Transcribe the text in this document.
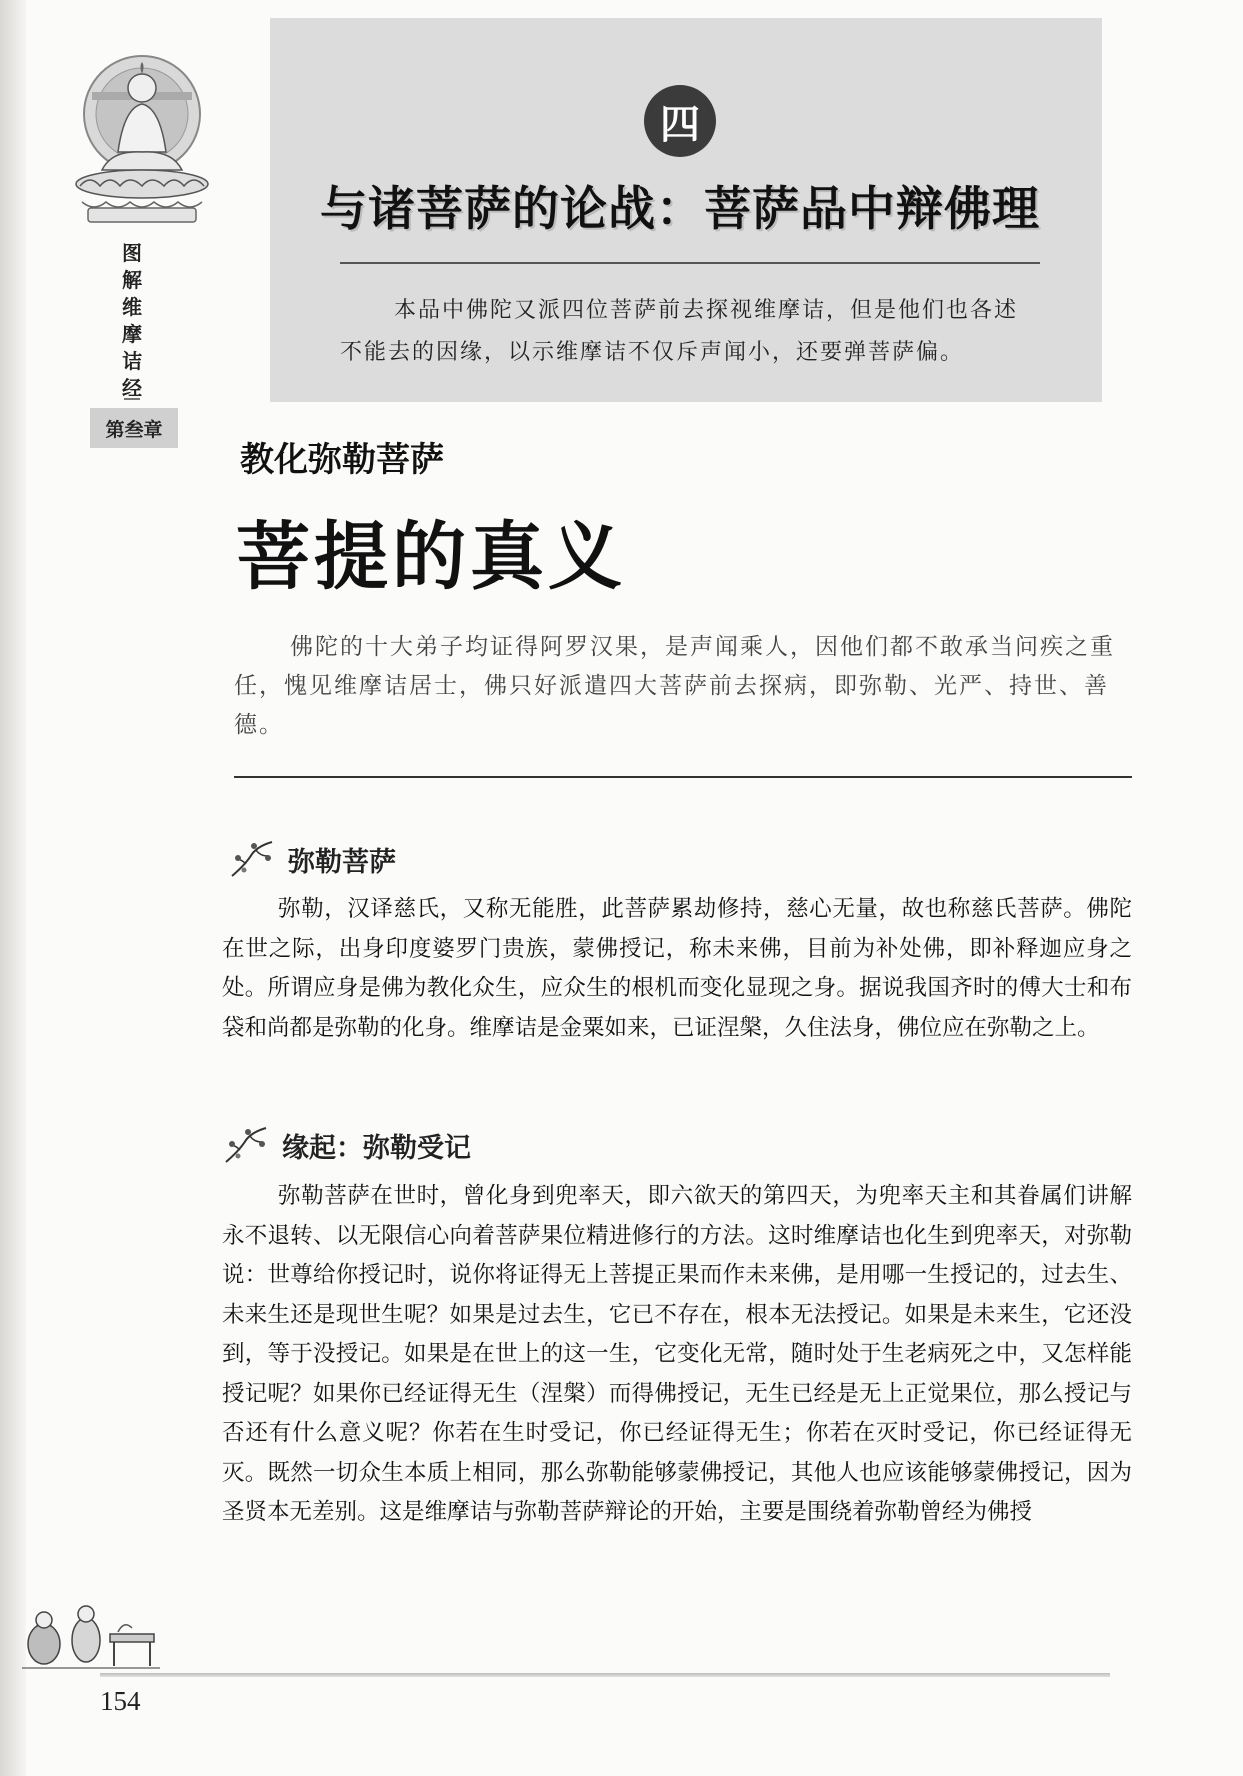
四
与诸菩萨的论战：菩萨品中辩佛理
本品中佛陀又派四位菩萨前去探视维摩诘，但是他们也各述不能去的因缘，以示维摩诘不仅斥声闻小，还要弹菩萨偏。
图解维摩诘经
第叁章
教化弥勒菩萨
菩提的真义
佛陀的十大弟子均证得阿罗汉果，是声闻乘人，因他们都不敢承当问疾之重任，愧见维摩诘居士，佛只好派遣四大菩萨前去探病，即弥勒、光严、持世、善德。
弥勒菩萨
弥勒，汉译慈氏，又称无能胜，此菩萨累劫修持，慈心无量，故也称慈氏菩萨。佛陀在世之际，出身印度婆罗门贵族，蒙佛授记，称未来佛，目前为补处佛，即补释迦应身之处。所谓应身是佛为教化众生，应众生的根机而变化显现之身。据说我国齐时的傅大士和布袋和尚都是弥勒的化身。维摩诘是金粟如来，已证涅槃，久住法身，佛位应在弥勒之上。
缘起：弥勒受记
弥勒菩萨在世时，曾化身到兜率天，即六欲天的第四天，为兜率天主和其眷属们讲解永不退转、以无限信心向着菩萨果位精进修行的方法。这时维摩诘也化生到兜率天，对弥勒说：世尊给你授记时，说你将证得无上菩提正果而作未来佛，是用哪一生授记的，过去生、未来生还是现世生呢？如果是过去生，它已不存在，根本无法授记。如果是未来生，它还没到，等于没授记。如果是在世上的这一生，它变化无常，随时处于生老病死之中，又怎样能授记呢？如果你已经证得无生（涅槃）而得佛授记，无生已经是无上正觉果位，那么授记与否还有什么意义呢？你若在生时受记，你已经证得无生；你若在灭时受记，你已经证得无灭。既然一切众生本质上相同，那么弥勒能够蒙佛授记，其他人也应该能够蒙佛授记，因为圣贤本无差别。这是维摩诘与弥勒菩萨辩论的开始，主要是围绕着弥勒曾经为佛授
154
